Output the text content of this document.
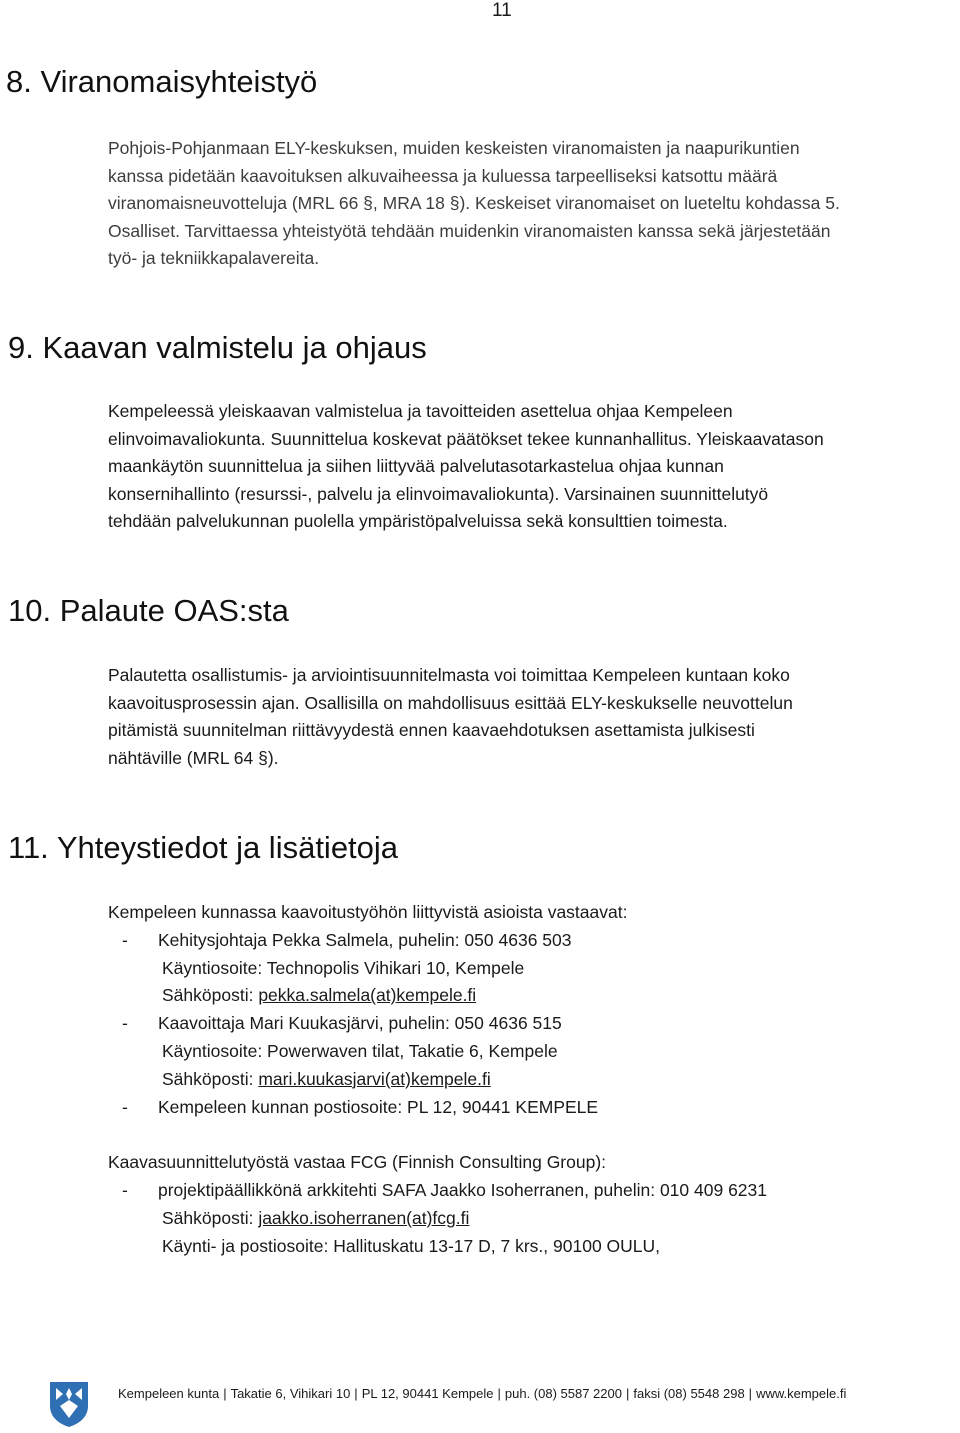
11
8. Viranomaisyhteistyö
Pohjois-Pohjanmaan ELY-keskuksen, muiden keskeisten viranomaisten ja naapurikuntien
kanssa pidetään kaavoituksen alkuvaiheessa ja kuluessa tarpeelliseksi katsottu määrä
viranomaisneuvotteluja (MRL 66 §, MRA 18 §). Keskeiset viranomaiset on lueteltu kohdassa 5.
Osalliset. Tarvittaessa yhteistyötä tehdään muidenkin viranomaisten kanssa sekä järjestetään
työ- ja tekniikkapalavereita.
9. Kaavan valmistelu ja ohjaus
Kempeleessä yleiskaavan valmistelua ja tavoitteiden asettelua ohjaa Kempeleen
elinvoimavaliokunta. Suunnittelua koskevat päätökset tekee kunnanhallitus. Yleiskaavatason
maankäytön suunnittelua ja siihen liittyvää palvelutasotarkastelua ohjaa kunnan
konsernihallinto (resurssi-, palvelu ja elinvoimavaliokunta). Varsinainen suunnittelutyö
tehdään palvelukunnan puolella ympäristöpalveluissa sekä konsulttien toimesta.
10. Palaute OAS:sta
Palautetta osallistumis- ja arviointisuunnitelmasta voi toimittaa Kempeleen kuntaan koko
kaavoitusprosessin ajan. Osallisilla on mahdollisuus esittää ELY-keskukselle neuvottelun
pitämistä suunnitelman riittävyydestä ennen kaavaehdotuksen asettamista julkisesti
nähtäville (MRL 64 §).
11. Yhteystiedot ja lisätietoja
Kempeleen kunnassa kaavoitustyöhön liittyvistä asioista vastaavat:
- Kehitysjohtaja Pekka Salmela, puhelin: 050 4636 503
Käyntiosoite: Technopolis Vihikari 10, Kempele
Sähköposti: pekka.salmela(at)kempele.fi
- Kaavoittaja Mari Kuukasjärvi, puhelin: 050 4636 515
Käyntiosoite: Powerwaven tilat, Takatie 6, Kempele
Sähköposti: mari.kuukasjarvi(at)kempele.fi
- Kempeleen kunnan postiosoite: PL 12, 90441 KEMPELE
Kaavasuunnittelutyöstä vastaa FCG (Finnish Consulting Group):
- projektipäällikkönä arkkitehti SAFA Jaakko Isoherranen, puhelin: 010 409 6231
Sähköposti: jaakko.isoherranen(at)fcg.fi
Käynti- ja postiosoite: Hallituskatu 13-17 D, 7 krs., 90100 OULU,
Kempeleen kunta | Takatie 6, Vihikari 10 | PL 12, 90441 Kempele | puh. (08) 5587 2200 | faksi (08) 5548 298 | www.kempele.fi
